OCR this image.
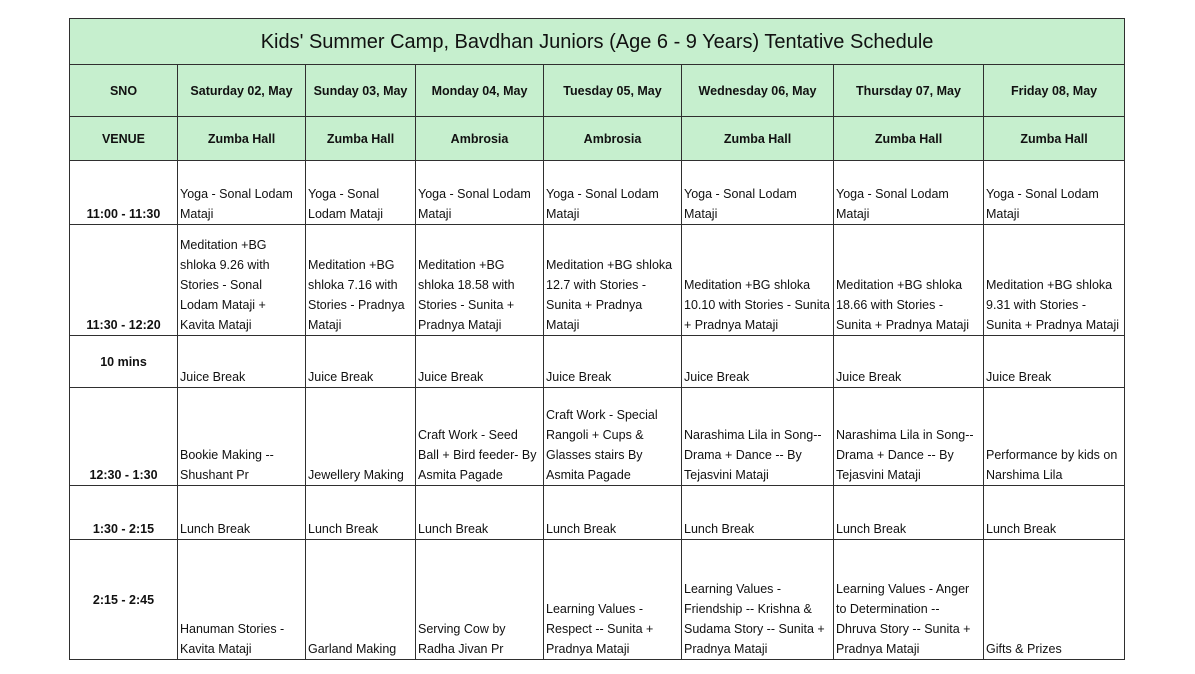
Kids' Summer Camp, Bavdhan Juniors (Age 6 - 9 Years) Tentative Schedule							
SNO	Saturday 02, May	Sunday 03, May	Monday 04, May	Tuesday 05, May	Wednesday 06, May	Thursday 07, May	Friday 08, May
VENUE	Zumba Hall	Zumba Hall	Ambrosia	Ambrosia	Zumba Hall	Zumba Hall	Zumba Hall
11:00 - 11:30	Yoga - Sonal Lodam Mataji	Yoga - Sonal Lodam Mataji	Yoga - Sonal Lodam Mataji	Yoga - Sonal Lodam Mataji	Yoga - Sonal Lodam Mataji	Yoga - Sonal Lodam Mataji	Yoga - Sonal Lodam Mataji
11:30 - 12:20	Meditation +BG shloka 9.26 with Stories - Sonal Lodam Mataji + Kavita Mataji	Meditation +BG shloka 7.16 with Stories - Pradnya Mataji	Meditation +BG shloka 18.58 with Stories - Sunita + Pradnya Mataji	Meditation +BG shloka 12.7 with Stories - Sunita + Pradnya Mataji	Meditation +BG shloka 10.10 with Stories - Sunita + Pradnya Mataji	Meditation +BG shloka 18.66 with Stories - Sunita + Pradnya Mataji	Meditation +BG shloka 9.31 with Stories - Sunita + Pradnya Mataji
10 mins	Juice Break	Juice Break	Juice Break	Juice Break	Juice Break	Juice Break	Juice Break
12:30 - 1:30	Bookie Making -- Shushant Pr	Jewellery Making	Craft Work - Seed Ball + Bird feeder- By Asmita Pagade	Craft Work - Special Rangoli + Cups & Glasses stairs By Asmita Pagade	Narashima Lila in Song-- Drama + Dance -- By Tejasvini Mataji	Narashima Lila in Song-- Drama + Dance -- By Tejasvini Mataji	Performance by kids on Narshima Lila
1:30 - 2:15	Lunch Break	Lunch Break	Lunch Break	Lunch Break	Lunch Break	Lunch Break	Lunch Break
2:15 - 2:45	Hanuman Stories - Kavita Mataji	Garland Making	Serving Cow by Radha Jivan Pr	Learning Values - Respect -- Sunita + Pradnya Mataji	Learning Values - Friendship -- Krishna & Sudama Story -- Sunita + Pradnya Mataji	Learning Values - Anger to Determination -- Dhruva Story -- Sunita + Pradnya Mataji	Gifts & Prizes
